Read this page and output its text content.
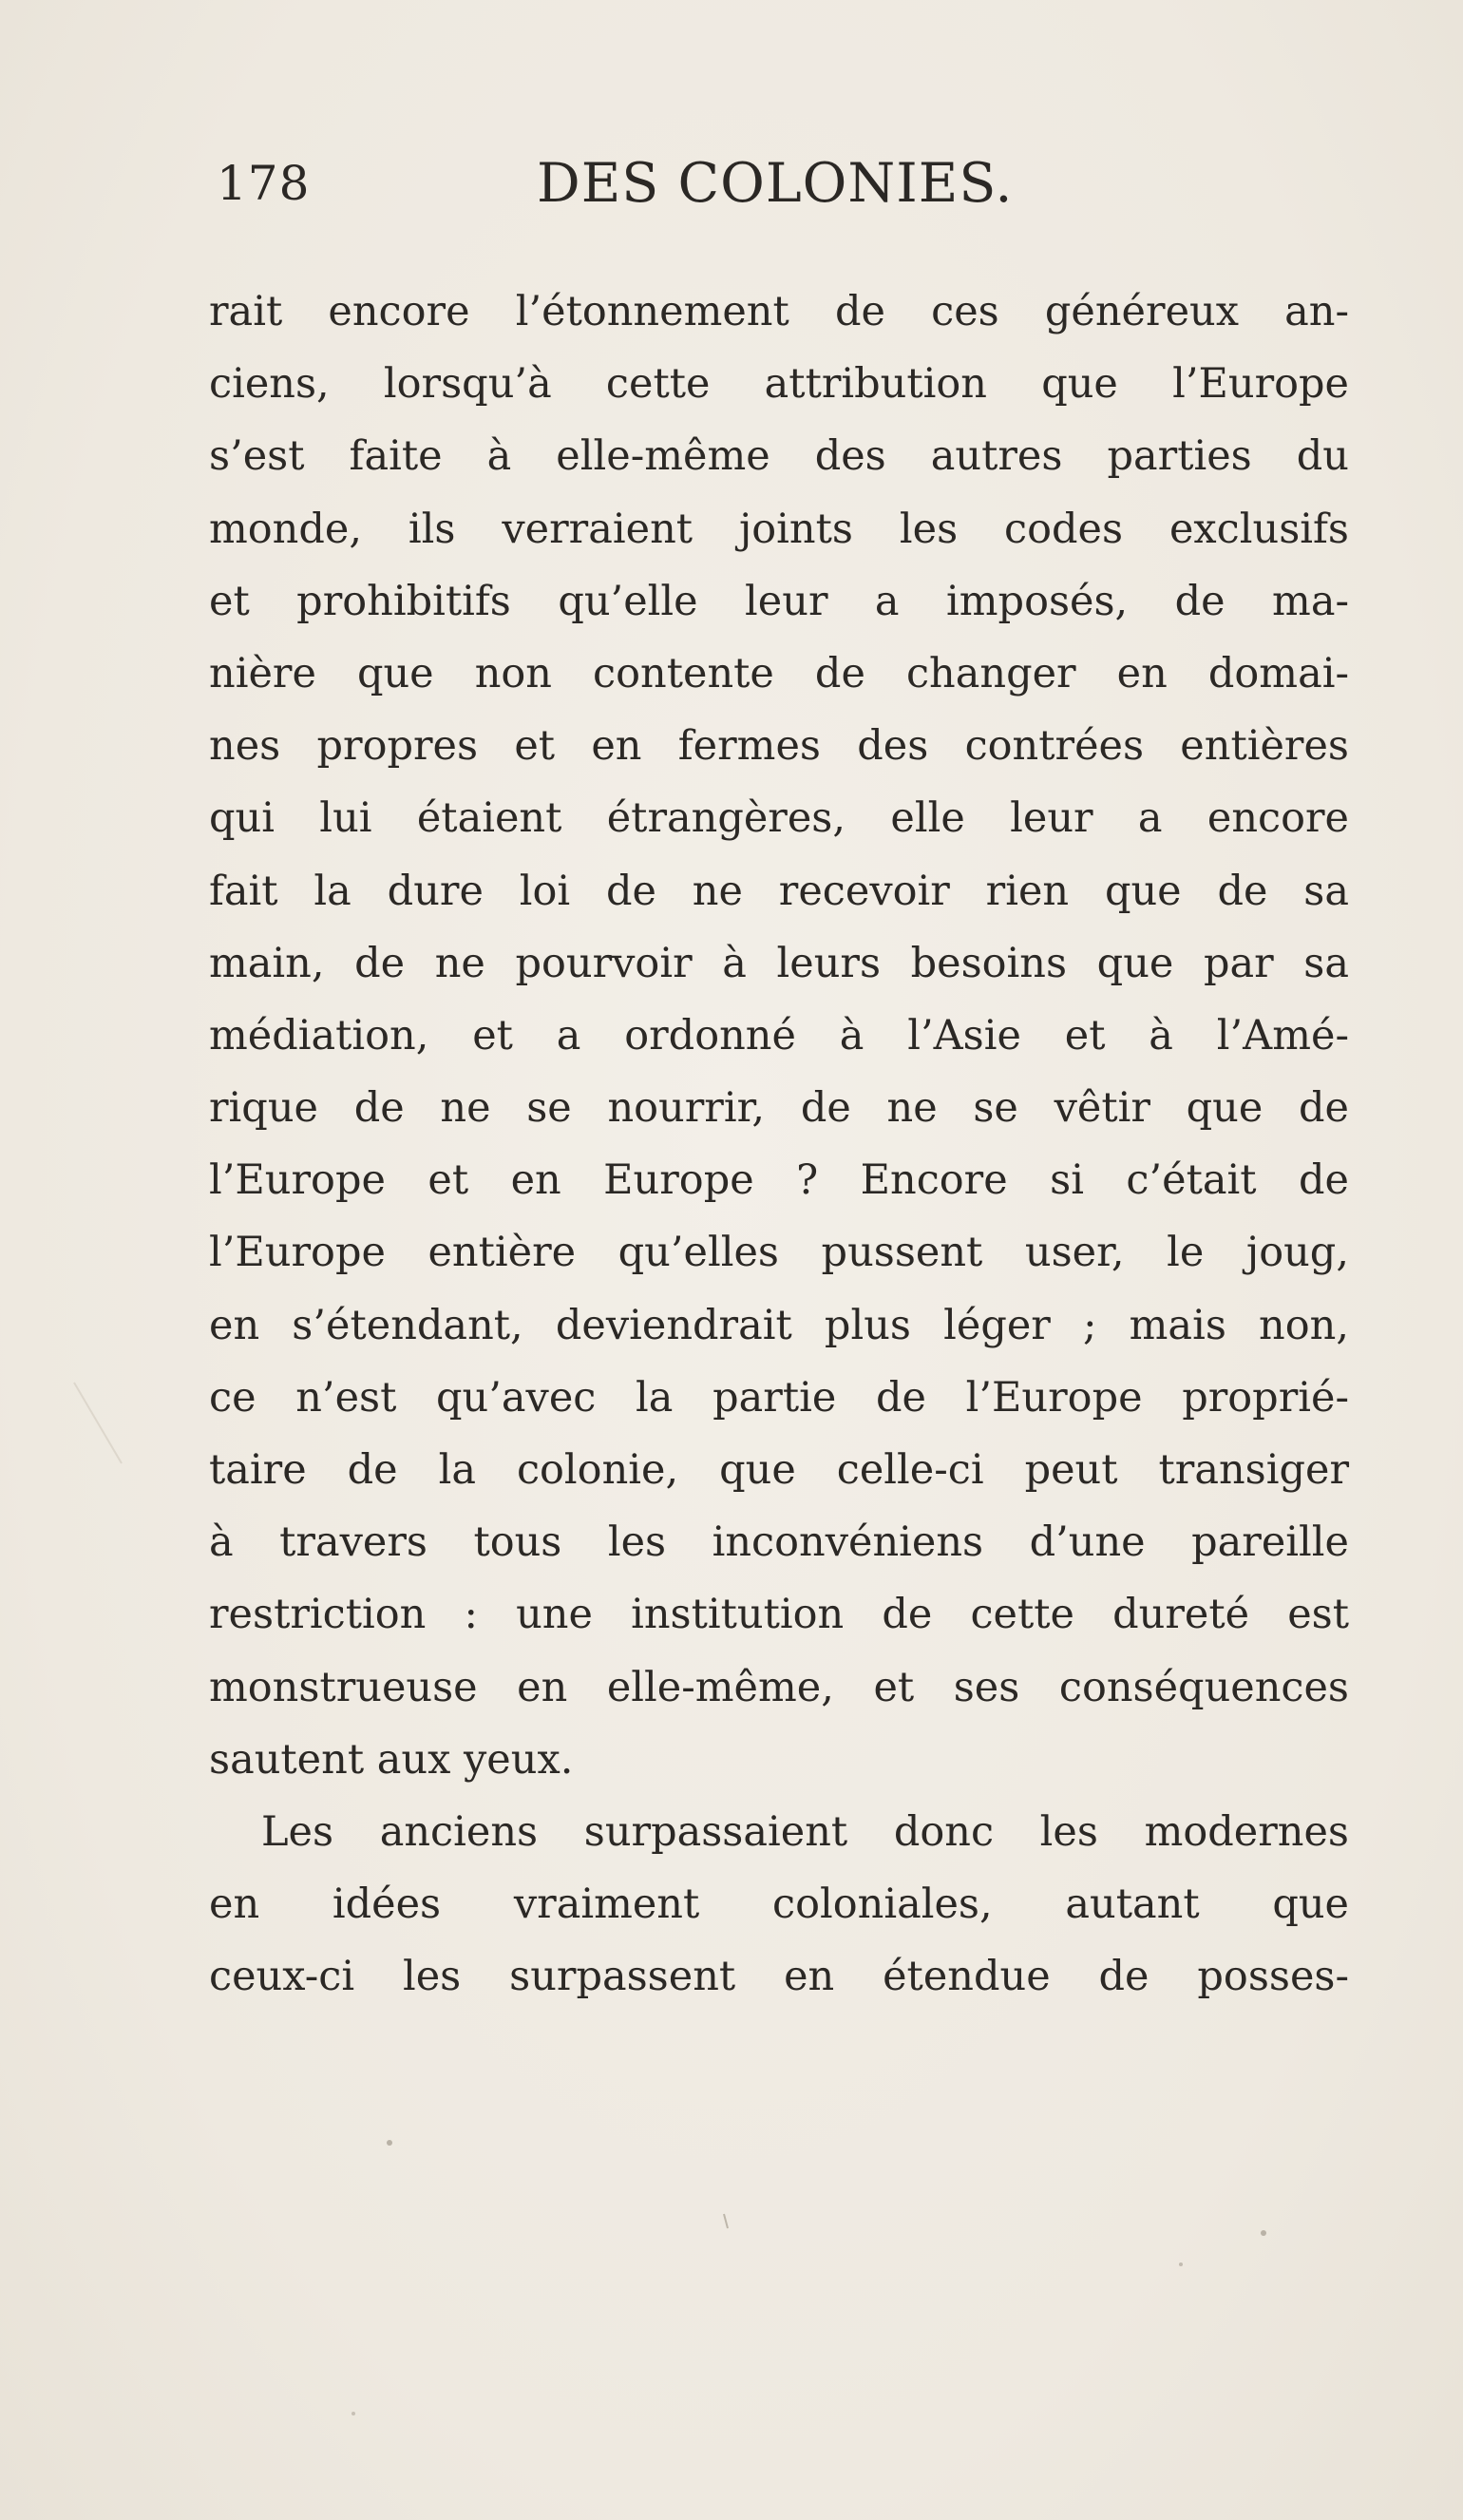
178	DES COLONIES.
rait encore l’étonnement de ces généreux an-
ciens, lorsqu’à cette attribution que l’Europe
s’est faite à elle-même des autres parties du
monde, ils verraient joints les codes exclusifs
et prohibitifs qu’elle leur a imposés, de ma-
nière que non contente de changer en domai-
nes propres et en fermes des contrées entières
qui lui étaient étrangères, elle leur a encore
fait la dure loi de ne recevoir rien que de sa
main, de ne pourvoir à leurs besoins que par sa
médiation, et a ordonné à l’Asie et à l’Amé-
rique de ne se nourrir, de ne se vêtir que de
l’Europe et en Europe ? Encore si c’était de
l’Europe entière qu’elles pussent user, le joug,
en s’étendant, deviendrait plus léger ; mais non,
ce n’est qu’avec la partie de l’Europe proprié-
taire de la colonie, que celle-ci peut transiger
à travers tous les inconvéniens d’une pareille
restriction : une institution de cette dureté est
monstrueuse en elle-même, et ses conséquences
sautent aux yeux.
Les anciens surpassaient donc les modernes
en idées vraiment coloniales, autant que
ceux-ci les surpassent en étendue de posses-
